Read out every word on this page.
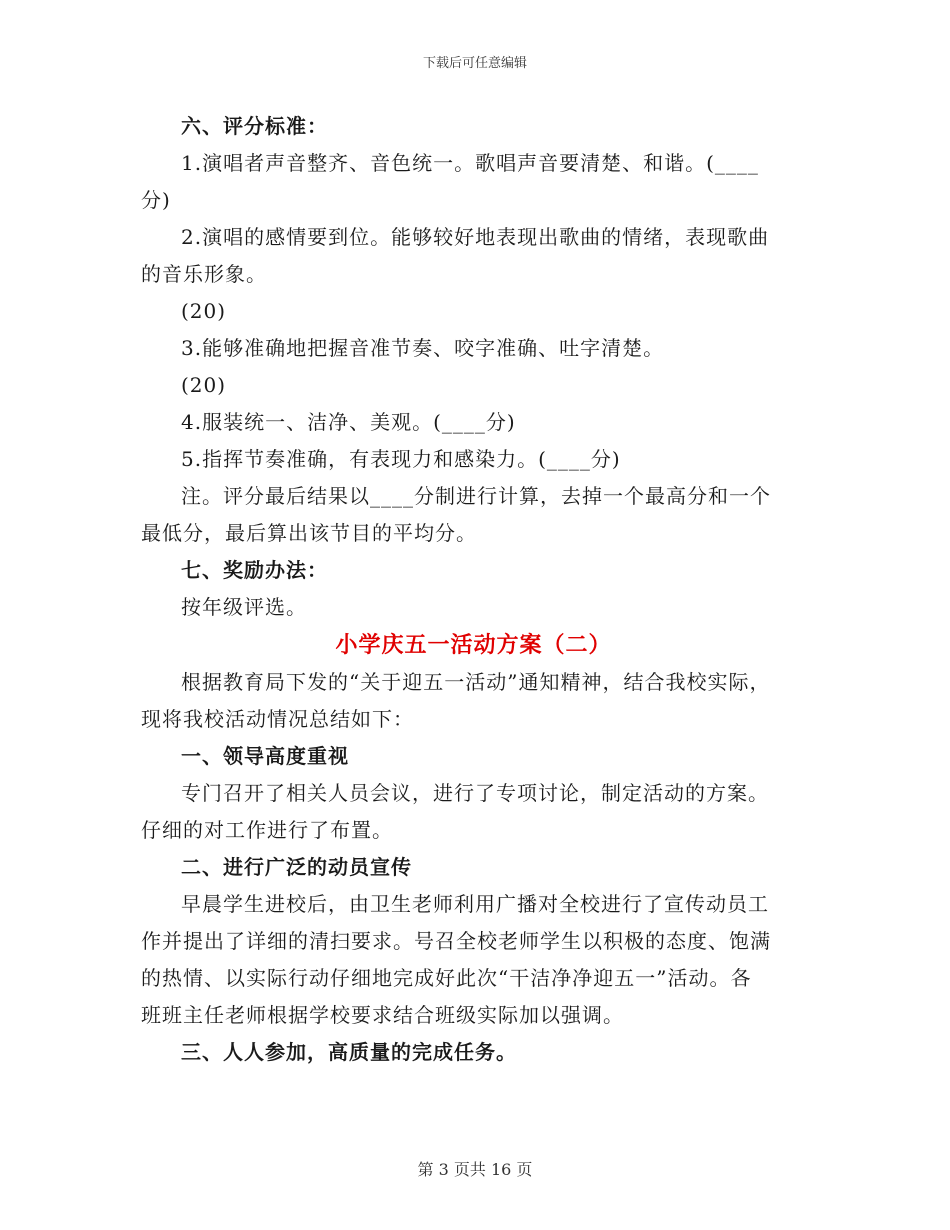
下载后可任意编辑

六、评分标准：

1.演唱者声音整齐、音色统一。歌唱声音要清楚、和谐。(____

分)

2.演唱的感情要到位。能够较好地表现出歌曲的情绪，表现歌曲

的音乐形象。

(20)

3.能够准确地把握音准节奏、咬字准确、吐字清楚。

(20)

4.服装统一、洁净、美观。(____分)

5.指挥节奏准确，有表现力和感染力。(____分)

注。评分最后结果以____分制进行计算，去掉一个最高分和一个

最低分，最后算出该节目的平均分。

七、奖励办法：

按年级评选。

小学庆五一活动方案（二）

根据教育局下发的“关于迎五一活动”通知精神，结合我校实际，

现将我校活动情况总结如下：

一、领导高度重视

专门召开了相关人员会议，进行了专项讨论，制定活动的方案。

仔细的对工作进行了布置。

二、进行广泛的动员宣传

早晨学生进校后，由卫生老师利用广播对全校进行了宣传动员工

作并提出了详细的清扫要求。号召全校老师学生以积极的态度、饱满

的热情、以实际行动仔细地完成好此次“干洁净净迎五一”活动。各

班班主任老师根据学校要求结合班级实际加以强调。

三、人人参加，高质量的完成任务。

第 3 页共 16 页
